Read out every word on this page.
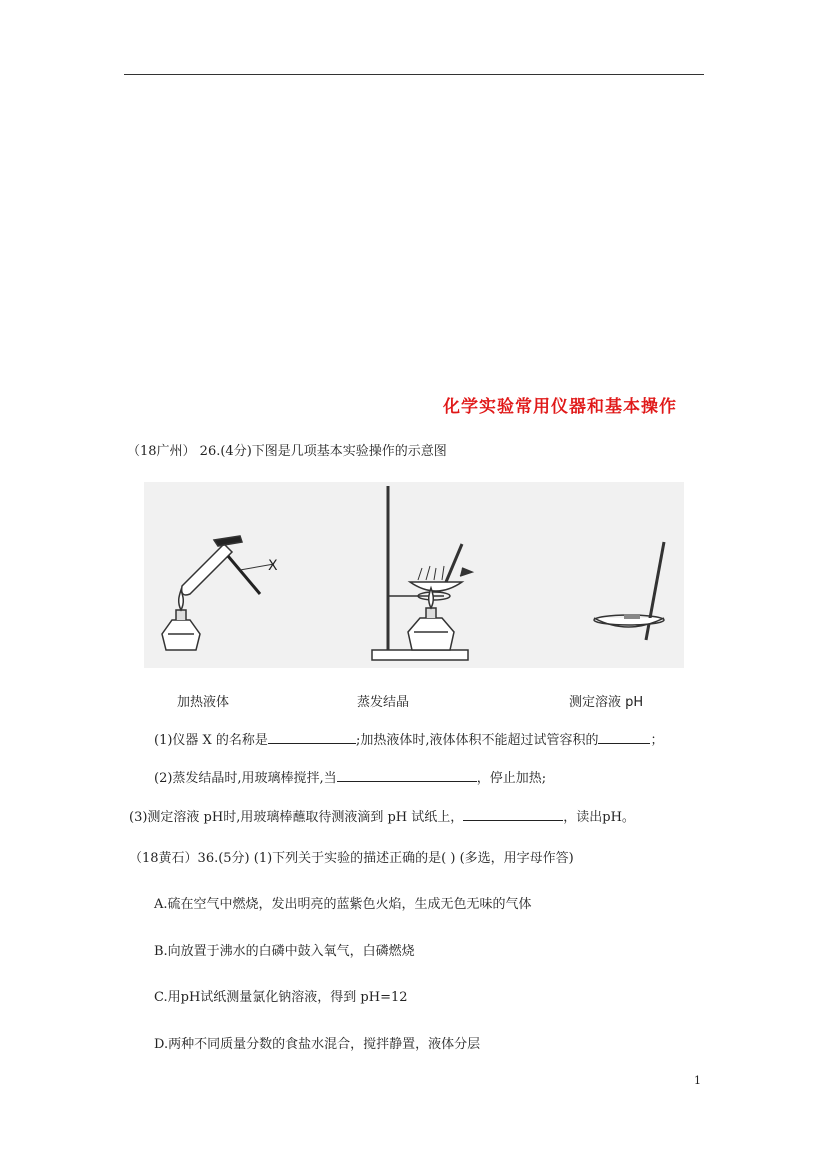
化学实验常用仪器和基本操作
（18广州） 26.(4分)下图是几项基本实验操作的示意图
X
加热液体	蒸发结晶	测定溶液 pH
(1)仪器 X 的名称是	;加热液体时,液体体积不能超过试管容积的	；
(2)蒸发结晶时,用玻璃棒搅拌,当	，停止加热;
(3)测定溶液 pH时,用玻璃棒蘸取待测液滴到 pH 试纸上，	，读出pH。
（18黄石）36.(5分) (1)下列关于实验的描述正确的是( ) (多选，用字母作答)
A.硫在空气中燃烧，发出明亮的蓝紫色火焰，生成无色无味的气体
B.向放置于沸水的白磷中鼓入氧气，白磷燃烧
C.用pH试纸测量氯化钠溶液，得到 pH=12
D.两种不同质量分数的食盐水混合，搅拌静置，液体分层
1
